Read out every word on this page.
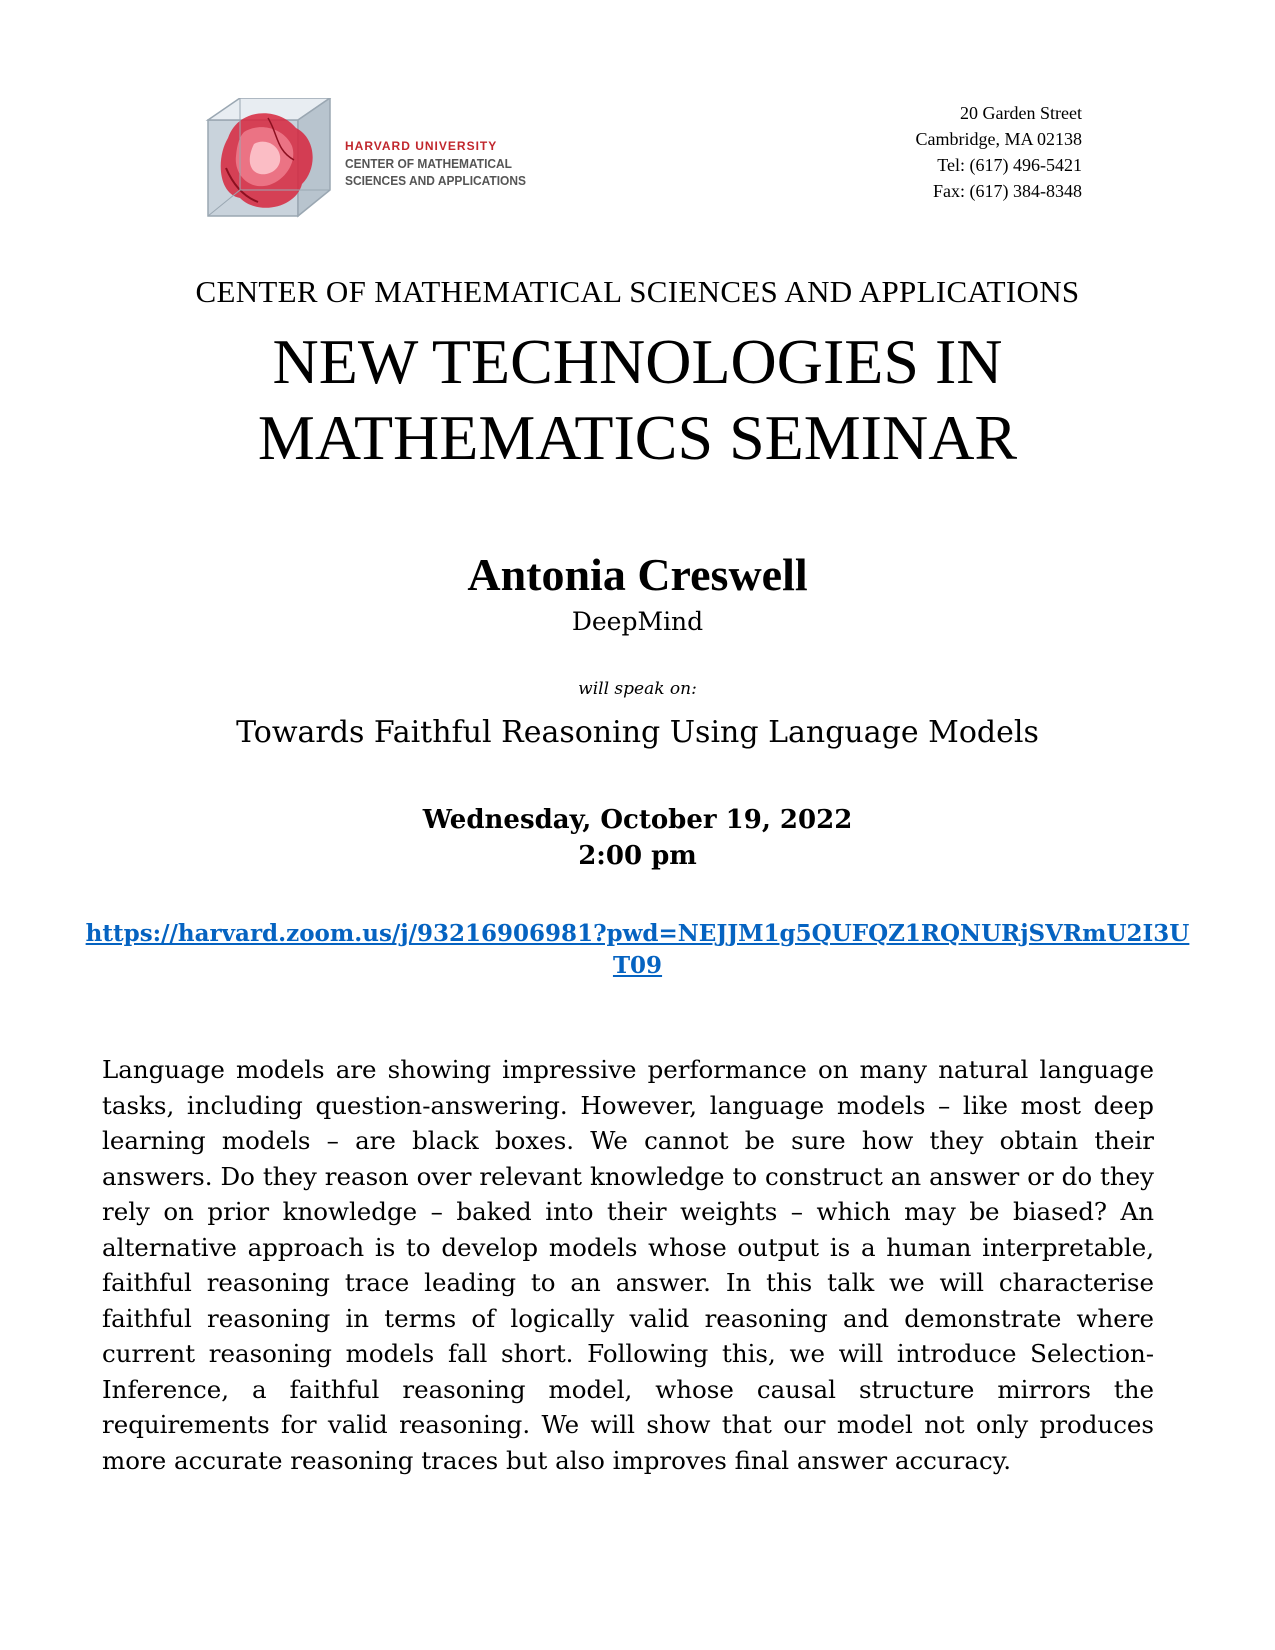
HARVARD UNIVERSITY
CENTER OF MATHEMATICAL
SCIENCES AND APPLICATIONS
20 Garden Street
Cambridge, MA 02138
Tel: (617) 496-5421
Fax: (617) 384-8348
CENTER OF MATHEMATICAL SCIENCES AND APPLICATIONS
NEW TECHNOLOGIES IN
MATHEMATICS SEMINAR
Antonia Creswell
DeepMind
will speak on:
Towards Faithful Reasoning Using Language Models
Wednesday, October 19, 2022
2:00 pm
https://harvard.zoom.us/j/93216906981?pwd=NEJJM1g5QUFQZ1RQNURjSVRmU2I3UT09
Language models are showing impressive performance on many natural language tasks, including question-answering. However, language models – like most deep learning models – are black boxes. We cannot be sure how they obtain their answers. Do they reason over relevant knowledge to construct an answer or do they rely on prior knowledge – baked into their weights – which may be biased? An alternative approach is to develop models whose output is a human interpretable, faithful reasoning trace leading to an answer. In this talk we will characterise faithful reasoning in terms of logically valid reasoning and demonstrate where current reasoning models fall short. Following this, we will introduce Selection-Inference, a faithful reasoning model, whose causal structure mirrors the requirements for valid reasoning. We will show that our model not only produces more accurate reasoning traces but also improves final answer accuracy.
